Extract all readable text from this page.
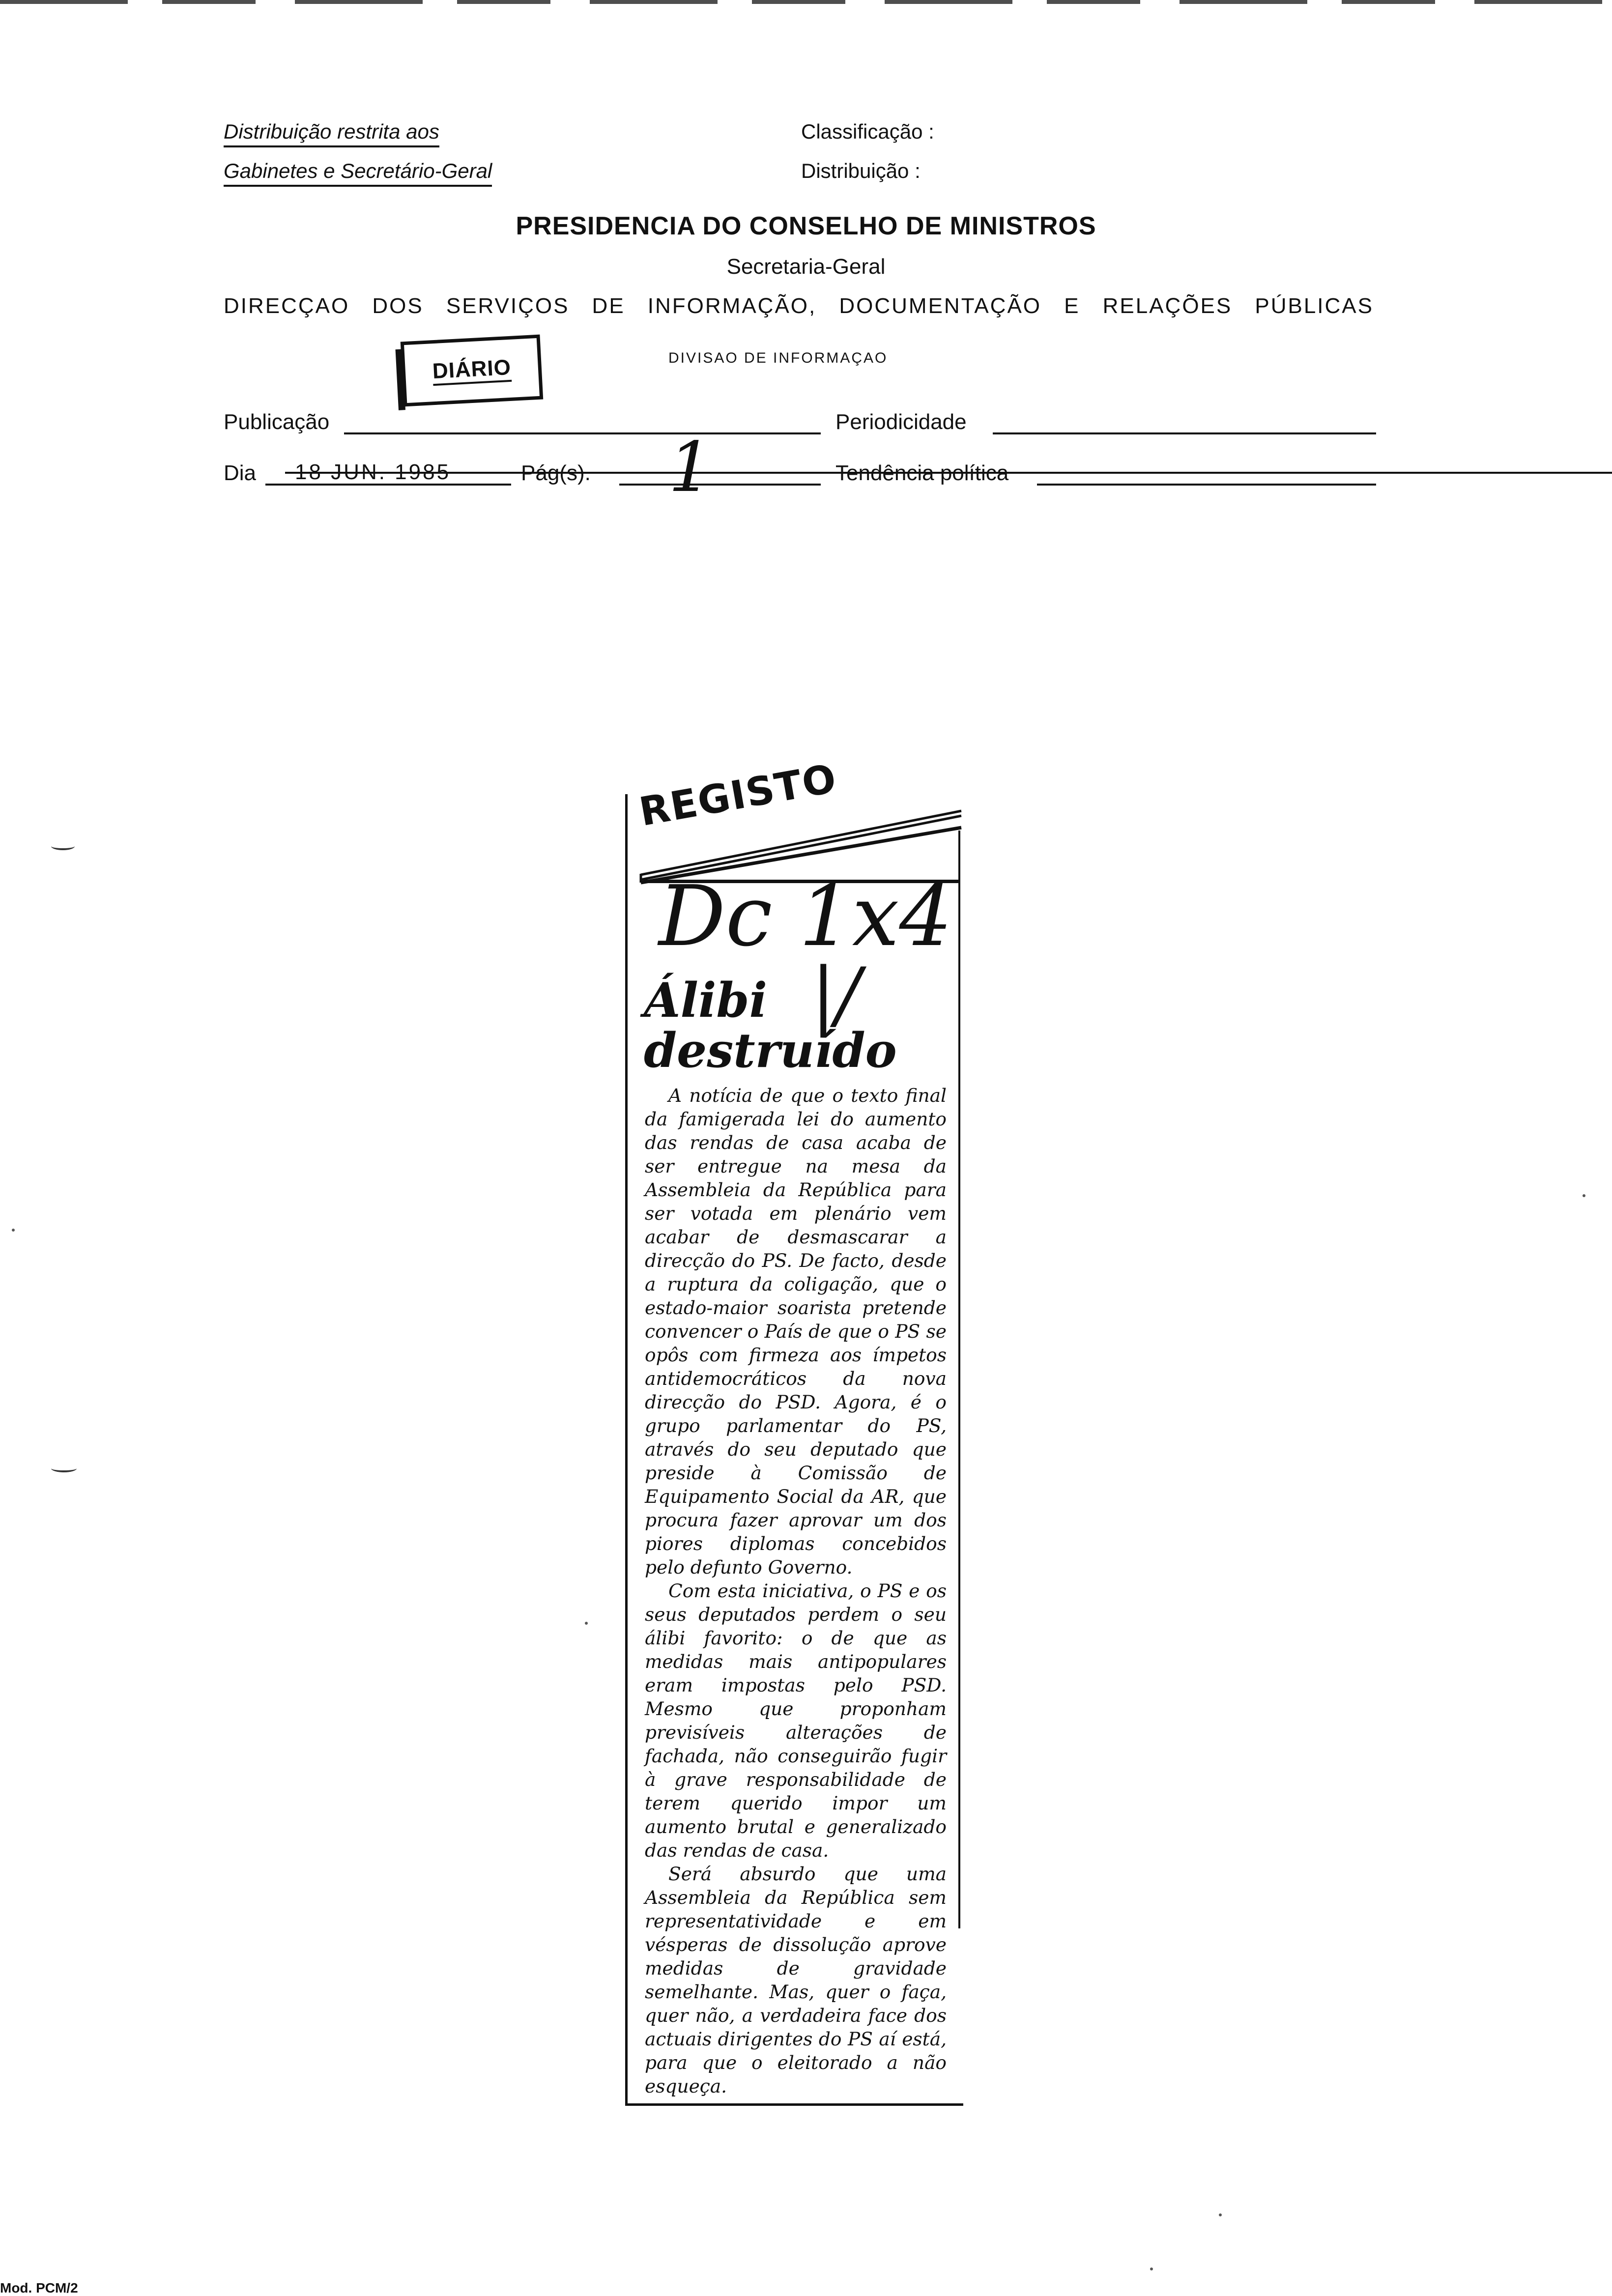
Distribuição restrita aos
Gabinetes e Secretário-Geral
Classificação :
Distribuição :
PRESIDENCIA DO CONSELHO DE MINISTROS
Secretaria-Geral
DIRECÇAO DOS SERVIÇOS DE INFORMAÇÃO, DOCUMENTAÇÃO E RELAÇÕES PÚBLICAS
DIÁRIO	DIVISAO DE INFORMAÇAO
Publicação	Periodicidade
Dia 18 JUN. 1985	Pág(s). 1	Tendência política
REGISTO
Dc 1x4
|/
Álibi
destruído

A notícia de que o texto final da famigerada lei do aumento das rendas de casa acaba de ser entregue na mesa da Assembleia da República para ser votada em plenário vem acabar de desmascarar a direcção do PS. De facto, desde a ruptura da coligação, que o estado-maior soarista pretende convencer o País de que o PS se opôs com firmeza aos ímpetos antidemocráticos da nova direcção do PSD. Agora, é o grupo parlamentar do PS, através do seu deputado que preside à Comissão de Equipamento Social da AR, que procura fazer aprovar um dos piores diplomas concebidos pelo defunto Governo.

Com esta iniciativa, o PS e os seus deputados perdem o seu álibi favorito: o de que as medidas mais antipopulares eram impostas pelo PSD. Mesmo que proponham previsíveis alterações de fachada, não conseguirão fugir à grave responsabilidade de terem querido impor um aumento brutal e generalizado das rendas de casa.

Será absurdo que uma Assembleia da República sem representatividade e em vésperas de dissolução aprove medidas de gravidade semelhante. Mas, quer o faça, quer não, a verdadeira face dos actuais dirigentes do PS aí está, para que o eleitorado a não esqueça.

Mod. PCM/2
